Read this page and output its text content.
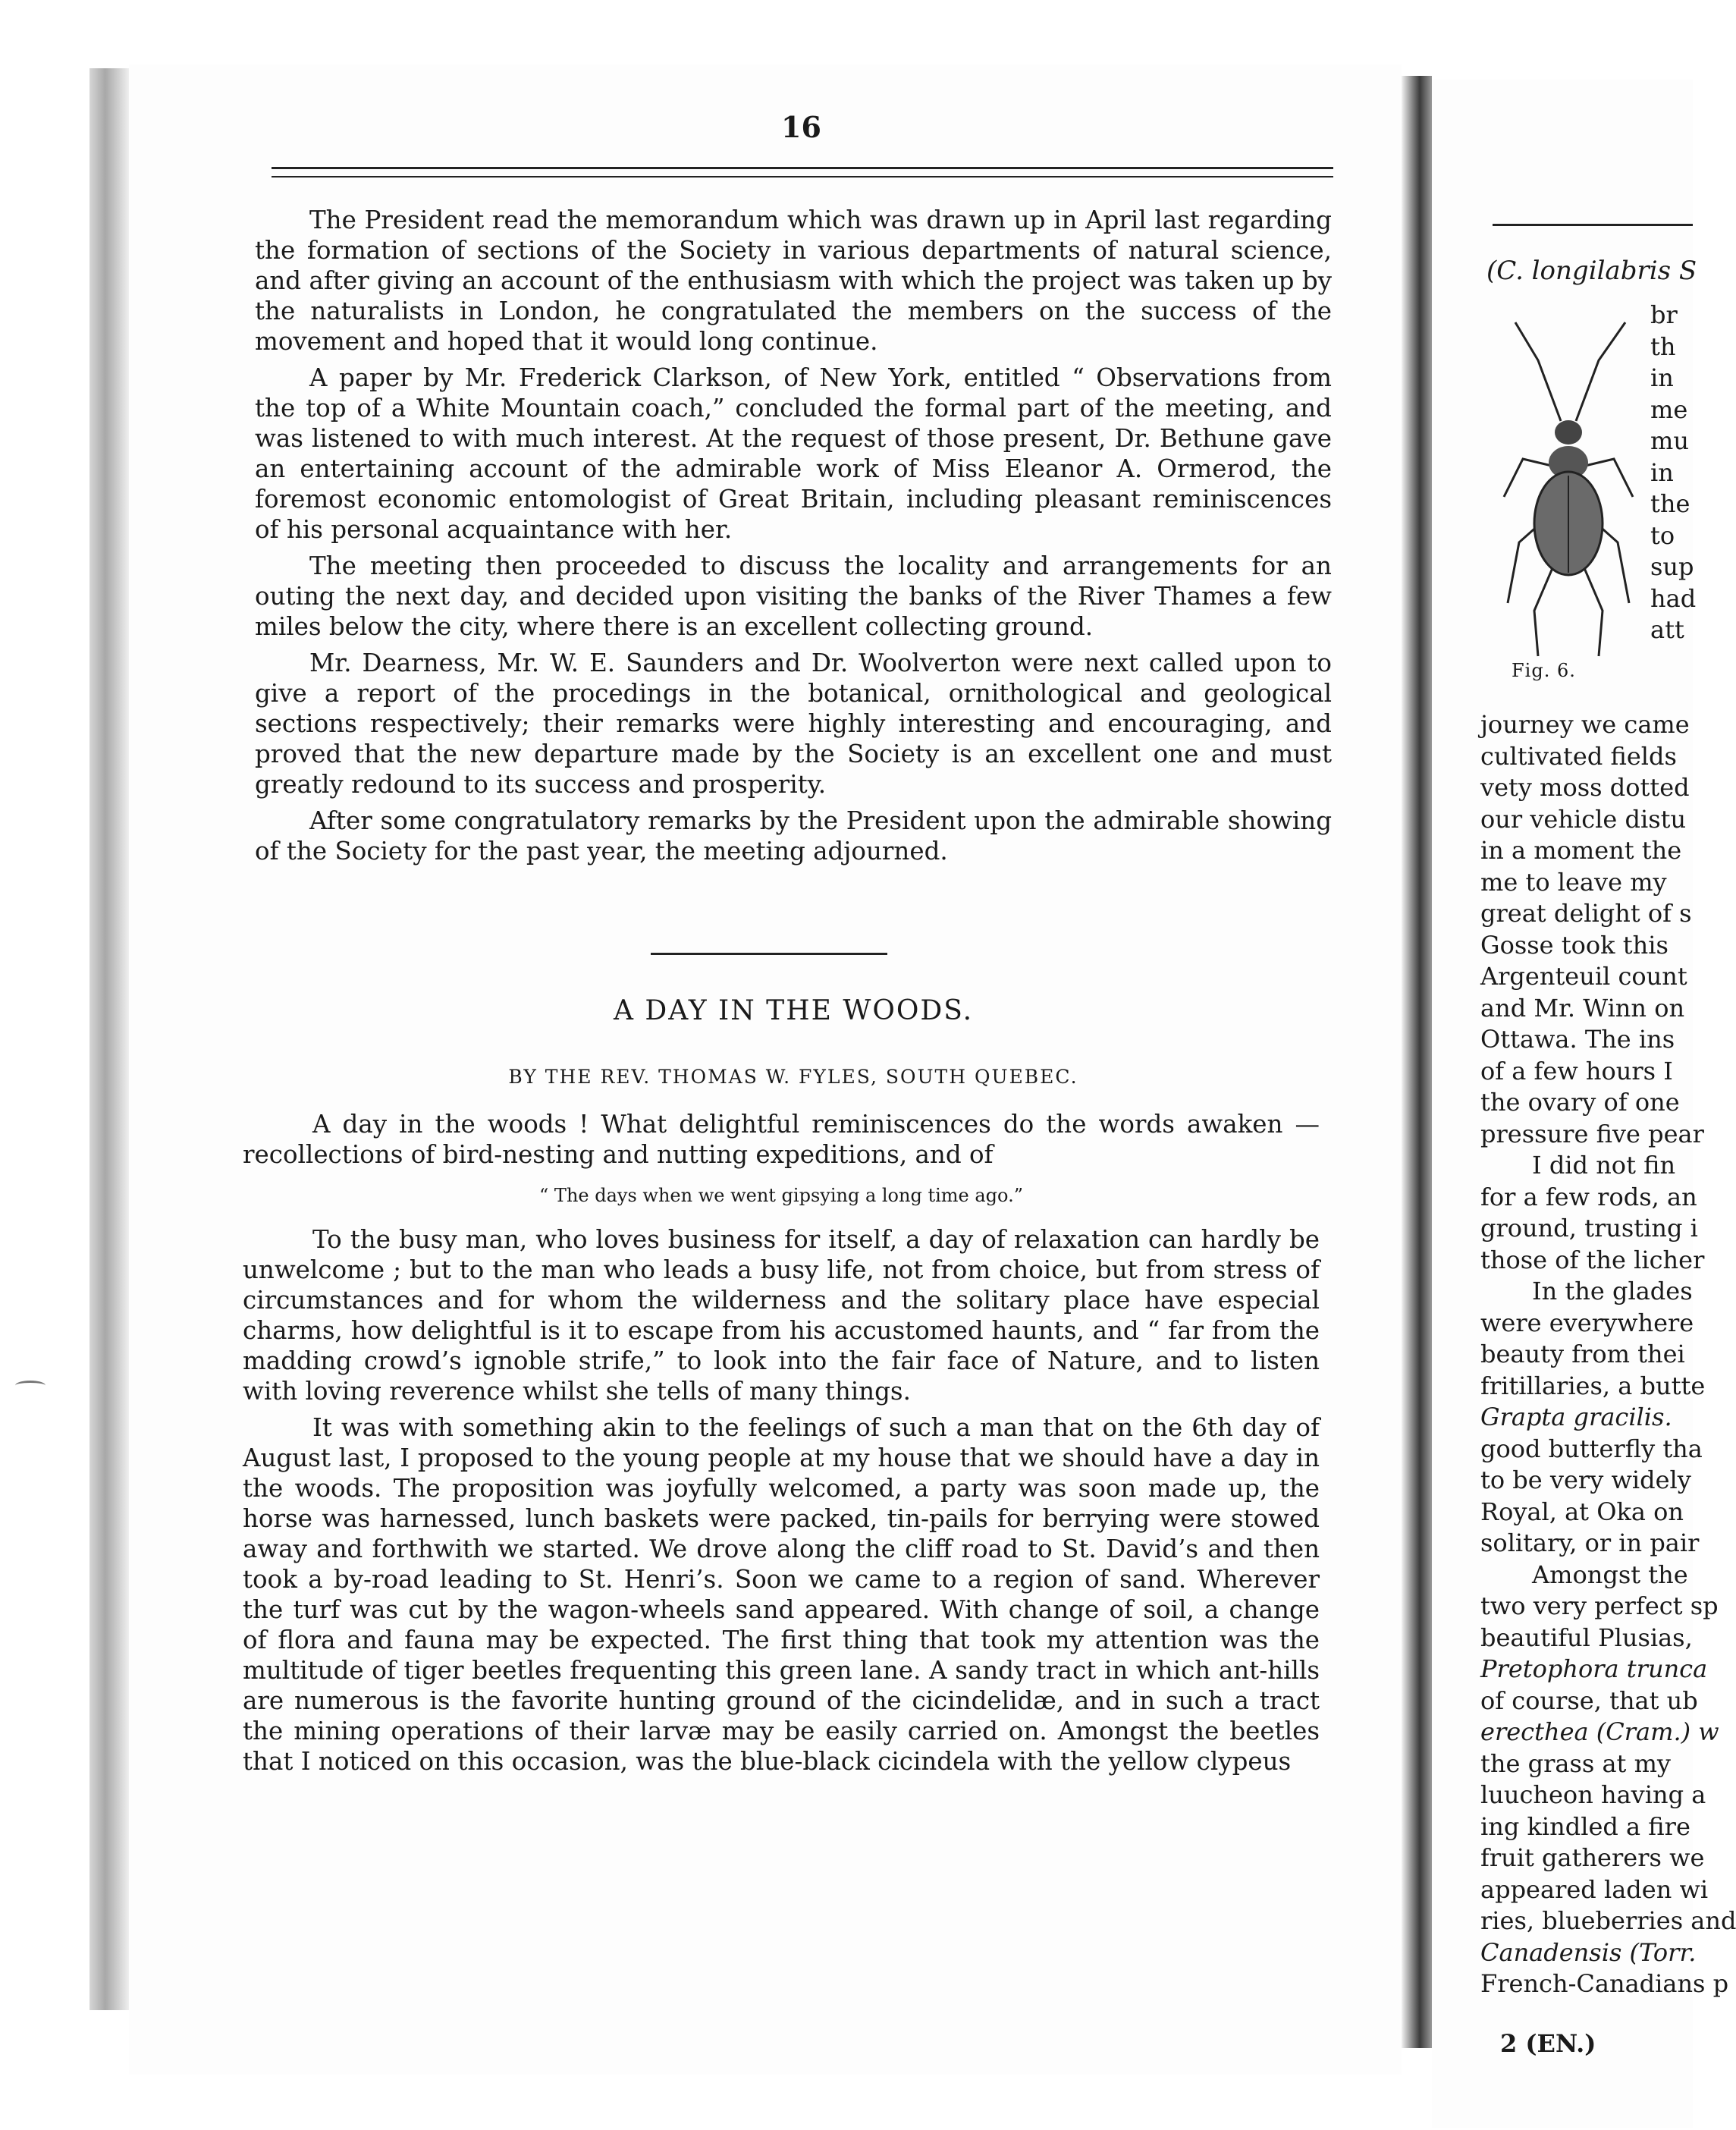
16

The President read the memorandum which was drawn up in April last regarding the formation of sections of the Society in various departments of natural science, and after giving an account of the enthusiasm with which the project was taken up by the naturalists in London, he congratulated the members on the success of the movement and hoped that it would long continue.

A paper by Mr. Frederick Clarkson, of New York, entitled “ Observations from the top of a White Mountain coach,” concluded the formal part of the meeting, and was listened to with much interest. At the request of those present, Dr. Bethune gave an entertaining account of the admirable work of Miss Eleanor A. Ormerod, the foremost economic entomologist of Great Britain, including pleasant reminiscences of his personal acquaintance with her.

The meeting then proceeded to discuss the locality and arrangements for an outing the next day, and decided upon visiting the banks of the River Thames a few miles below the city, where there is an excellent collecting ground.

Mr. Dearness, Mr. W. E. Saunders and Dr. Woolverton were next called upon to give a report of the procedings in the botanical, ornithological and geological sections respectively; their remarks were highly interesting and encouraging, and proved that the new departure made by the Society is an excellent one and must greatly redound to its success and prosperity.

After some congratulatory remarks by the President upon the admirable showing of the Society for the past year, the meeting adjourned.

A DAY IN THE WOODS.
BY THE REV. THOMAS W. FYLES, SOUTH QUEBEC.

A day in the woods ! What delightful reminiscences do the words awaken —recollections of bird-nesting and nutting expeditions, and of

“ The days when we went gipsying a long time ago.”

To the busy man, who loves business for itself, a day of relaxation can hardly be unwelcome ; but to the man who leads a busy life, not from choice, but from stress of circumstances and for whom the wilderness and the solitary place have especial charms, how delightful is it to escape from his accustomed haunts, and “ far from the madding crowd’s ignoble strife,” to look into the fair face of Nature, and to listen with loving reverence whilst she tells of many things.

It was with something akin to the feelings of such a man that on the 6th day of August last, I proposed to the young people at my house that we should have a day in the woods. The proposition was joyfully welcomed, a party was soon made up, the horse was harnessed, lunch baskets were packed, tin-pails for berrying were stowed away and forthwith we started. We drove along the cliff road to St. David’s and then took a by-road leading to St. Henri’s. Soon we came to a region of sand. Wherever the turf was cut by the wagon-wheels sand appeared. With change of soil, a change of flora and fauna may be expected. The first thing that took my attention was the multitude of tiger beetles frequenting this green lane. A sandy tract in which ant-hills are numerous is the favorite hunting ground of the cicindelidæ, and in such a tract the mining operations of their larvæ may be easily carried on. Amongst the beetles that I noticed on this occasion, was the blue-black cicindela with the yellow clypeus

(C. longilabris S
Fig. 6.
br
th
in
me
mu
in
the
to
sup
had
att
journey we came
cultivated fields
vety moss dotted
our vehicle distu
in a moment the
me to leave my
great delight of s
Gosse took this
Argenteuil count
and Mr. Winn on
Ottawa. The ins
of a few hours I
the ovary of one
pressure five pear
I did not fin
for a few rods, an
ground, trusting i
those of the licher
In the glades
were everywhere
beauty from thei
fritillaries, a butte
Grapta gracilis.
good butterfly tha
to be very widely
Royal, at Oka on
solitary, or in pair
Amongst the
two very perfect sp
beautiful Plusias,
Pretophora trunca
of course, that ub
erecthea (Cram.) w
the grass at my
luucheon having a
ing kindled a fire
fruit gatherers we
appeared laden wi
ries, blueberries and
Canadensis (Torr.
French-Canadians p
2 (EN.)
